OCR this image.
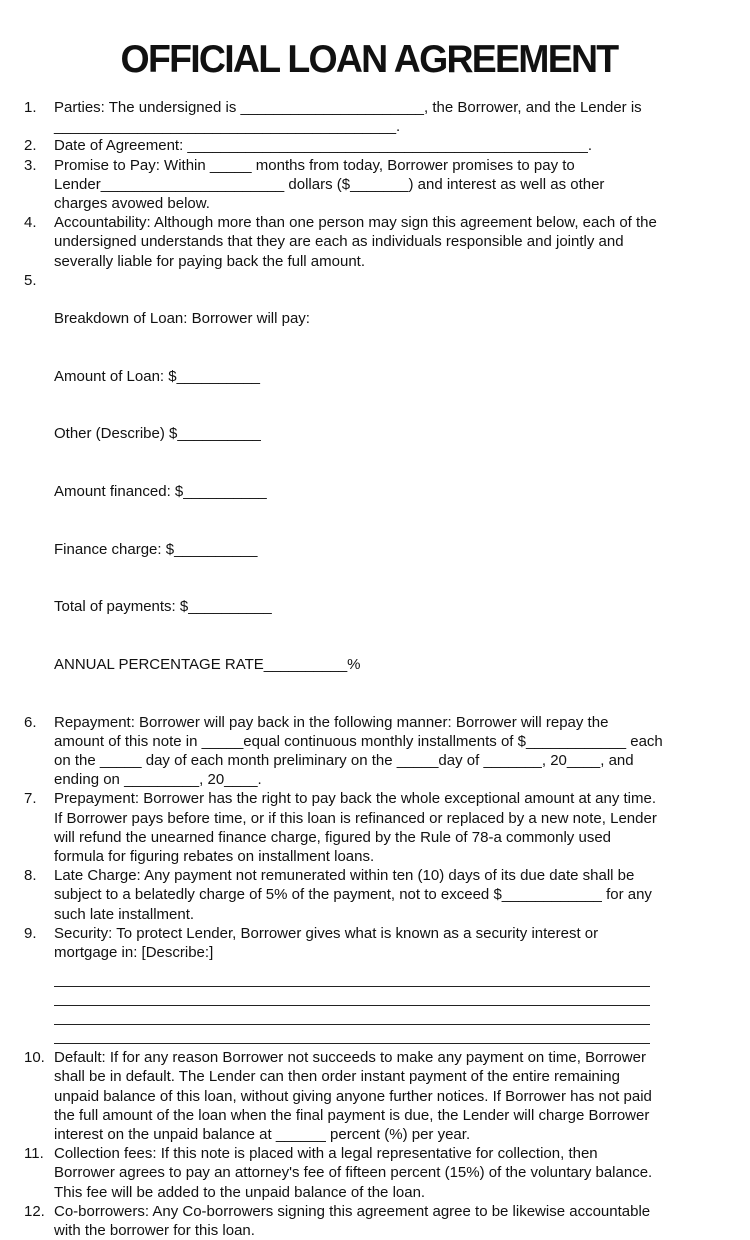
OFFICIAL LOAN AGREEMENT
1.	Parties: The undersigned is ______________________, the Borrower, and the Lender is
_________________________________________.
2.	Date of Agreement: ________________________________________________.
3.	Promise to Pay: Within _____ months from today, Borrower promises to pay to
Lender______________________ dollars ($_______) and interest as well as other
charges avowed below.
4.	Accountability: Although more than one person may sign this agreement below, each of the
undersigned understands that they are each as individuals responsible and jointly and
severally liable for paying back the full amount.
5.

Breakdown of Loan: Borrower will pay:

Amount of Loan: $__________

Other (Describe) $__________

Amount financed: $__________

Finance charge: $__________

Total of payments: $__________

ANNUAL PERCENTAGE RATE__________%

6.	Repayment: Borrower will pay back in the following manner: Borrower will repay the
amount of this note in _____equal continuous monthly installments of $____________ each
on the _____ day of each month preliminary on the _____day of _______, 20____, and
ending on _________, 20____.
7.	Prepayment: Borrower has the right to pay back the whole exceptional amount at any time.
If Borrower pays before time, or if this loan is refinanced or replaced by a new note, Lender
will refund the unearned finance charge, figured by the Rule of 78-a commonly used
formula for figuring rebates on installment loans.
8.	Late Charge: Any payment not remunerated within ten (10) days of its due date shall be
subject to a belatedly charge of 5% of the payment, not to exceed $____________ for any
such late installment.
9.	Security: To protect Lender, Borrower gives what is known as a security interest or
mortgage in: [Describe:]
10. Default: If for any reason Borrower not succeeds to make any payment on time, Borrower
shall be in default. The Lender can then order instant payment of the entire remaining
unpaid balance of this loan, without giving anyone further notices. If Borrower has not paid
the full amount of the loan when the final payment is due, the Lender will charge Borrower
interest on the unpaid balance at ______ percent (%) per year.
11. Collection fees: If this note is placed with a legal representative for collection, then
Borrower agrees to pay an attorney's fee of fifteen percent (15%) of the voluntary balance.
This fee will be added to the unpaid balance of the loan.
12. Co-borrowers: Any Co-borrowers signing this agreement agree to be likewise accountable
with the borrower for this loan.
